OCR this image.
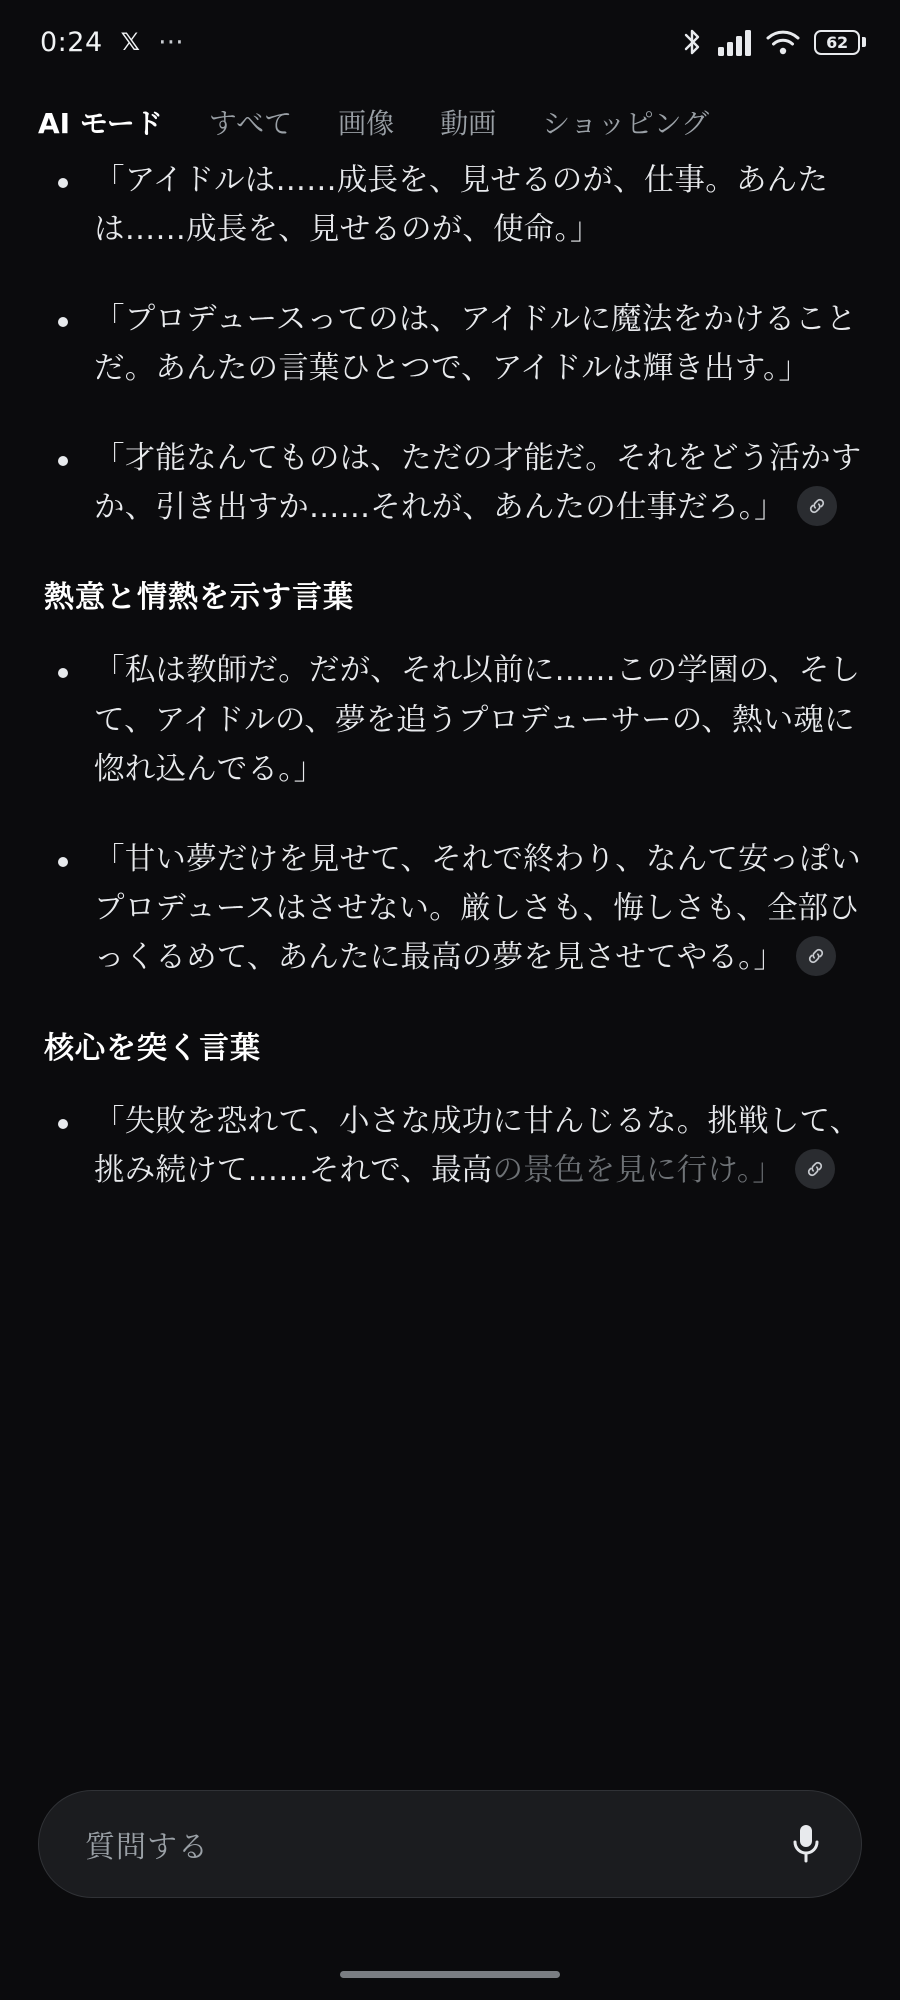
0:24 𝕏 ⋯	62
AI モード	すべて	画像	動画	ショッピング
「アイドルは……成長を、見せるのが、仕事。あんたは……成長を、見せるのが、使命。」
「プロデュースってのは、アイドルに魔法をかけることだ。あんたの言葉ひとつで、アイドルは輝き出す。」
「才能なんてものは、ただの才能だ。それをどう活かすか、引き出すか……それが、あんたの仕事だろ。」
熱意と情熱を示す言葉
「私は教師だ。だが、それ以前に……この学園の、そして、アイドルの、夢を追うプロデューサーの、熱い魂に惚れ込んでる。」
「甘い夢だけを見せて、それで終わり、なんて安っぽいプロデュースはさせない。厳しさも、悔しさも、全部ひっくるめて、あんたに最高の夢を見させてやる。」
核心を突く言葉
「失敗を恐れて、小さな成功に甘んじるな。挑戦して、挑み続けて……それで、最高の景色を見に行け。」
質問する
